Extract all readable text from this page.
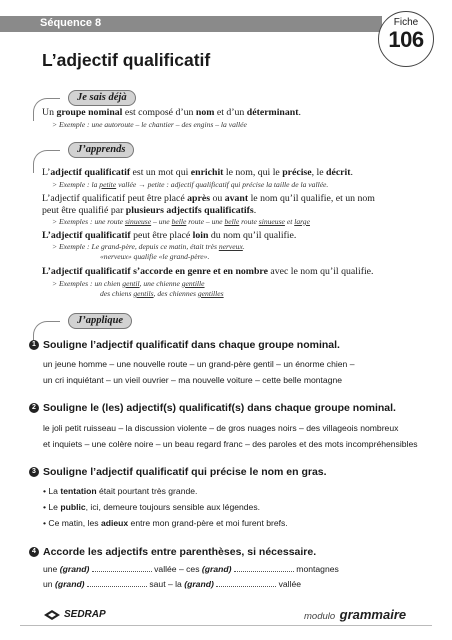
Séquence 8	Fiche
106
L’adjectif qualificatif
Je sais déjà
Un groupe nominal est composé d’un nom et d’un déterminant.
> Exemple : une autoroute – le chantier – des engins – la vallée
J’apprends
L’adjectif qualificatif est un mot qui enrichit le nom, qui le précise, le décrit.
> Exemple : la petite vallée → petite : adjectif qualificatif qui précise la taille de la vallée.
L’adjectif qualificatif peut être placé après ou avant le nom qu’il qualifie, et un nom
peut être qualifié par plusieurs adjectifs qualificatifs.
> Exemples : une route sinueuse – une belle route – une belle route sinueuse et large
L’adjectif qualificatif peut être placé loin du nom qu’il qualifie.
> Exemple : Le grand-père, depuis ce matin, était très nerveux.
«nerveux» qualifie «le grand-père».
L’adjectif qualificatif s’accorde en genre et en nombre avec le nom qu’il qualifie.
> Exemples : un chien gentil, une chienne gentille
des chiens gentils, des chiennes gentilles
J’applique
1 Souligne l’adjectif qualificatif dans chaque groupe nominal.
un jeune homme – une nouvelle route – un grand-père gentil – un énorme chien –
un cri inquiétant – un vieil ouvrier – ma nouvelle voiture – cette belle montagne
2 Souligne le (les) adjectif(s) qualificatif(s) dans chaque groupe nominal.
le joli petit ruisseau – la discussion violente – de gros nuages noirs – des villageois nombreux
et inquiets – une colère noire – un beau regard franc – des paroles et des mots incompréhensibles
3 Souligne l’adjectif qualificatif qui précise le nom en gras.
• La tentation était pourtant très grande.
• Le public, ici, demeure toujours sensible aux légendes.
• Ce matin, les adieux entre mon grand-père et moi furent brefs.
4 Accorde les adjectifs entre parenthèses, si nécessaire.
une (grand)	vallée – ces (grand)	montagnes
un (grand)	saut – la (grand)	vallée
SEDRAP	modulo grammaire
